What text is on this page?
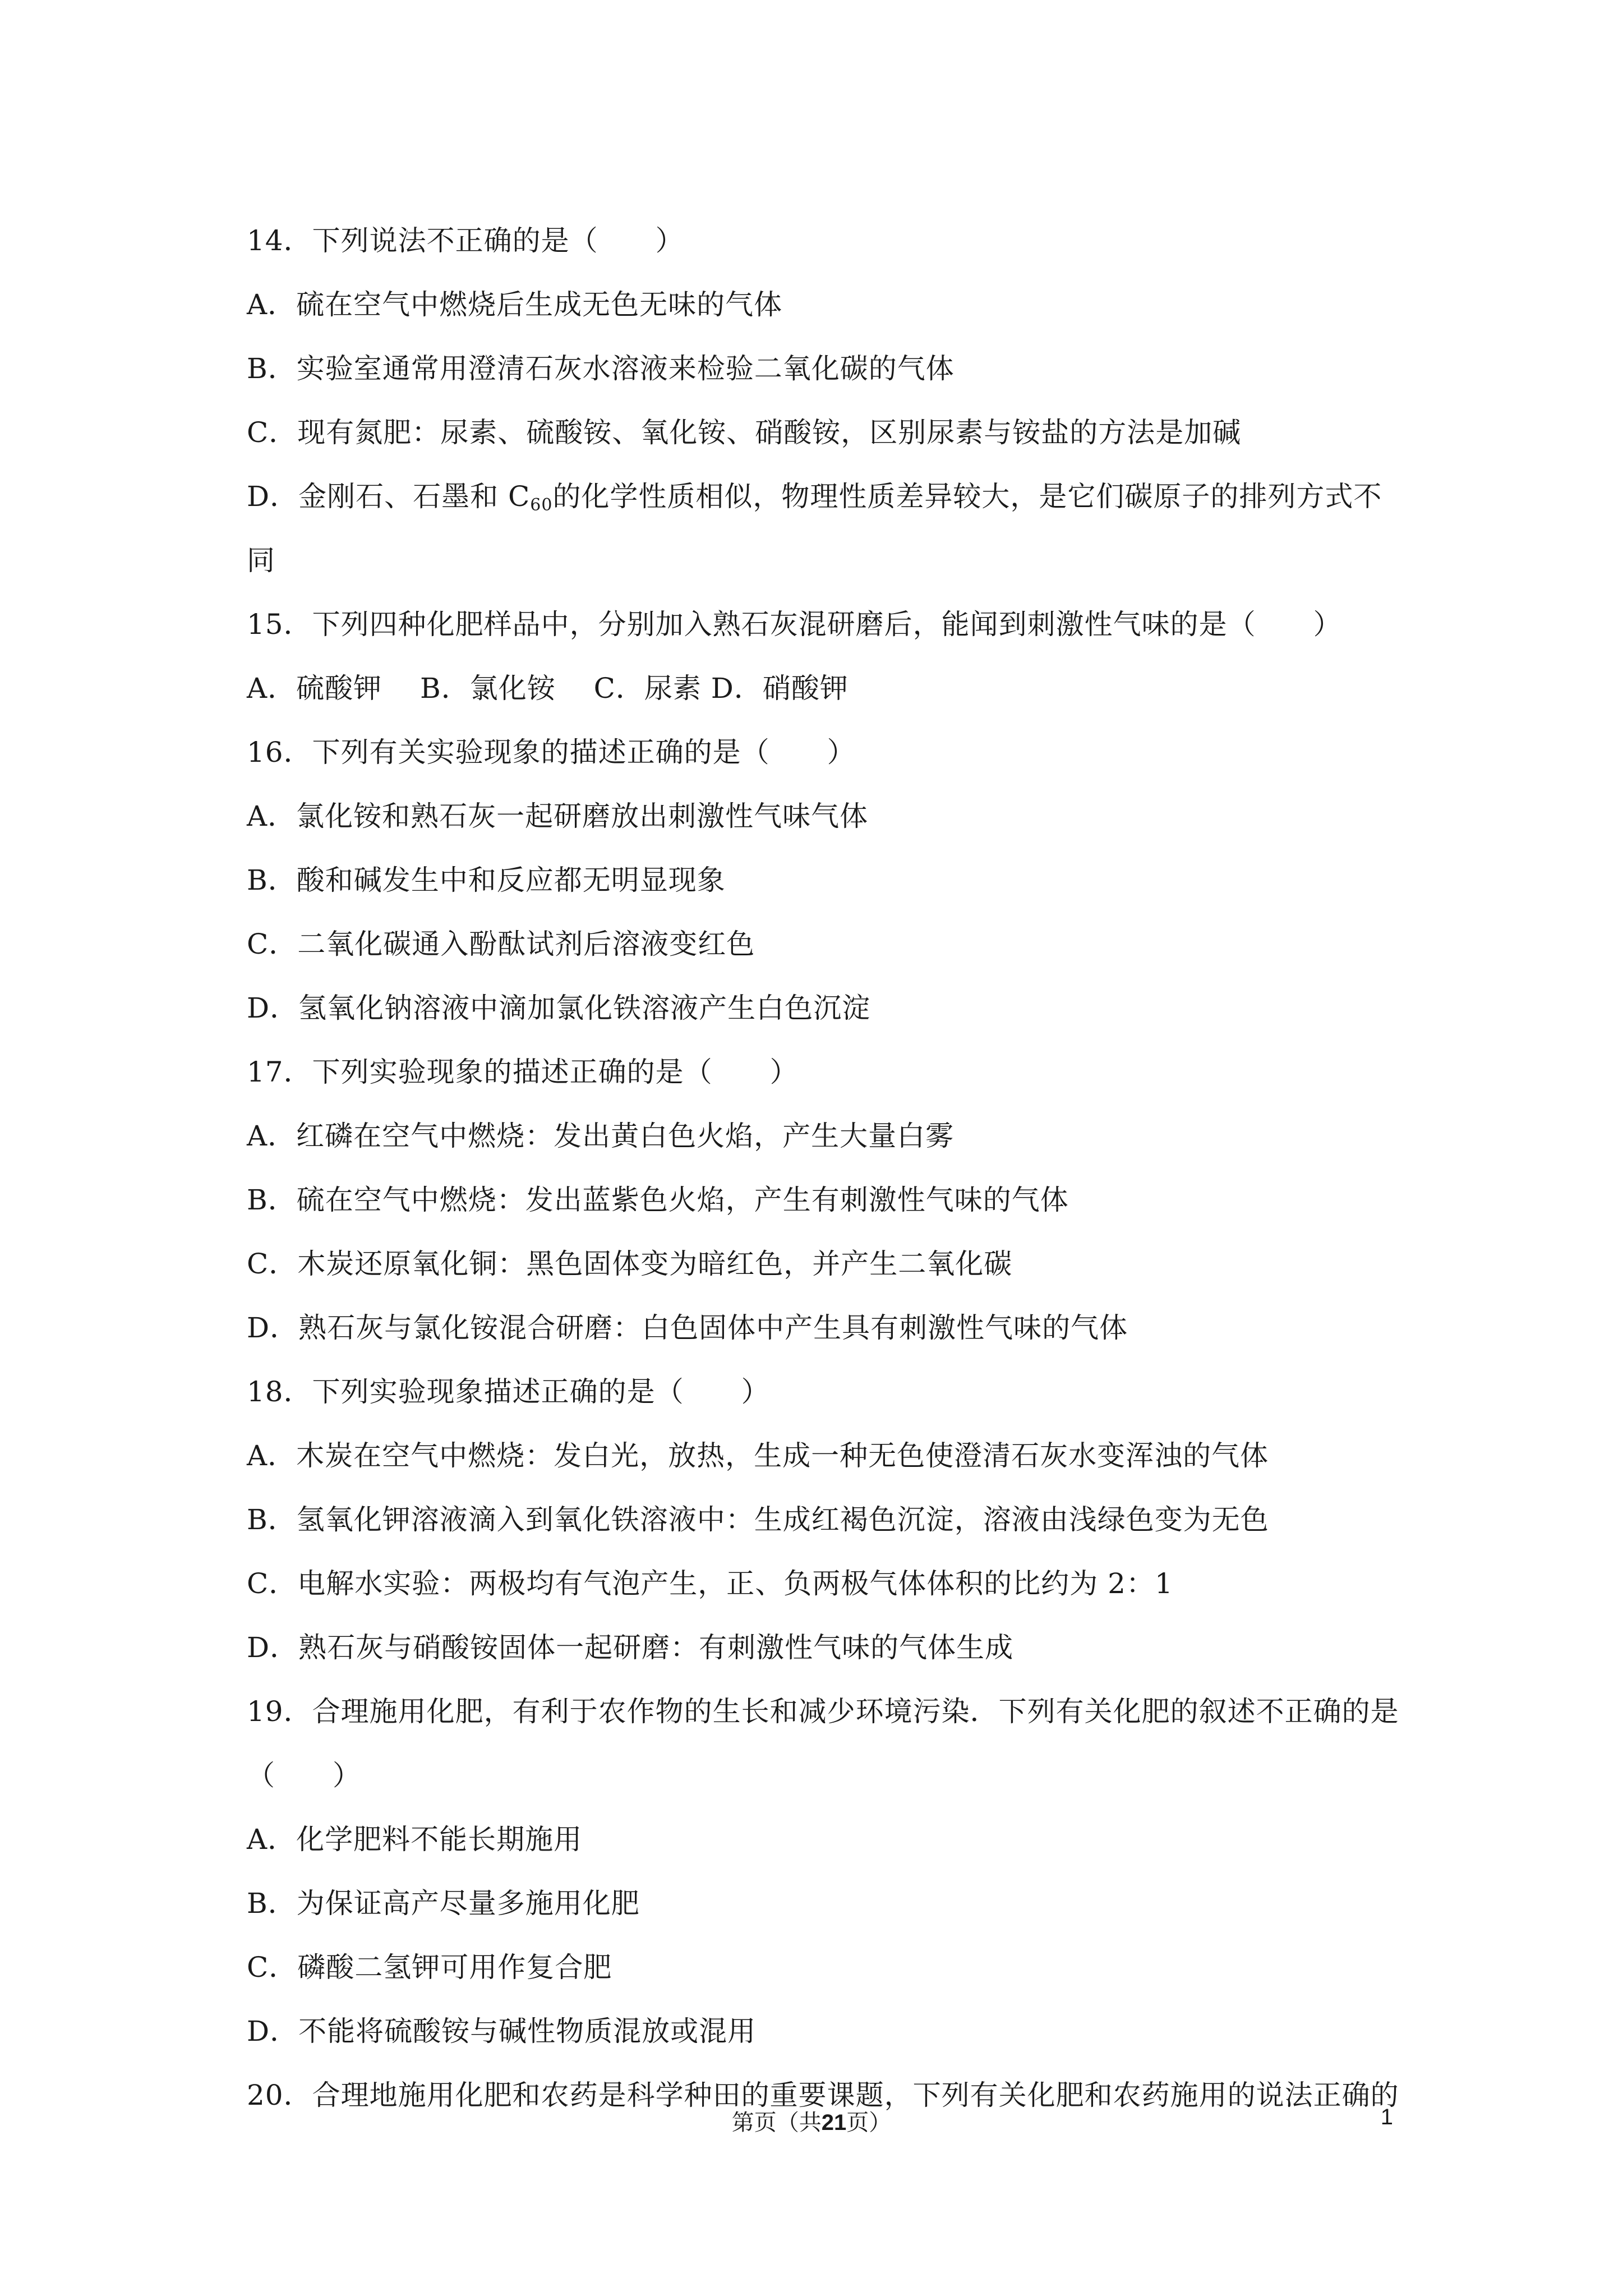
14．下列说法不正确的是（　　）
A．硫在空气中燃烧后生成无色无味的气体
B．实验室通常用澄清石灰水溶液来检验二氧化碳的气体
C．现有氮肥：尿素、硫酸铵、氧化铵、硝酸铵，区别尿素与铵盐的方法是加碱
D．金刚石、石墨和 $C_{60}$的化学性质相似，物理性质差异较大，是它们碳原子的排列方式不
同
15．下列四种化肥样品中，分别加入熟石灰混研磨后，能闻到刺激性气味的是（　　）
A．硫酸钾　 B．氯化铵　 C．尿素 D．硝酸钾
16．下列有关实验现象的描述正确的是（　　）
A．氯化铵和熟石灰一起研磨放出刺激性气味气体
B．酸和碱发生中和反应都无明显现象
C．二氧化碳通入酚酞试剂后溶液变红色
D．氢氧化钠溶液中滴加氯化铁溶液产生白色沉淀
17．下列实验现象的描述正确的是（　　）
A．红磷在空气中燃烧：发出黄白色火焰，产生大量白雾
B．硫在空气中燃烧：发出蓝紫色火焰，产生有刺激性气味的气体
C．木炭还原氧化铜：黑色固体变为暗红色，并产生二氧化碳
D．熟石灰与氯化铵混合研磨：白色固体中产生具有刺激性气味的气体
18．下列实验现象描述正确的是（　　）
A．木炭在空气中燃烧：发白光，放热，生成一种无色使澄清石灰水变浑浊的气体
B．氢氧化钾溶液滴入到氧化铁溶液中：生成红褐色沉淀，溶液由浅绿色变为无色
C．电解水实验：两极均有气泡产生，正、负两极气体体积的比约为 2：1
D．熟石灰与硝酸铵固体一起研磨：有刺激性气味的气体生成
19．合理施用化肥，有利于农作物的生长和减少环境污染．下列有关化肥的叙述不正确的是
（　　）
A．化学肥料不能长期施用
B．为保证高产尽量多施用化肥
C．磷酸二氢钾可用作复合肥
D．不能将硫酸铵与碱性物质混放或混用
20．合理地施用化肥和农药是科学种田的重要课题，下列有关化肥和农药施用的说法正确的
第页（共21页）	1
